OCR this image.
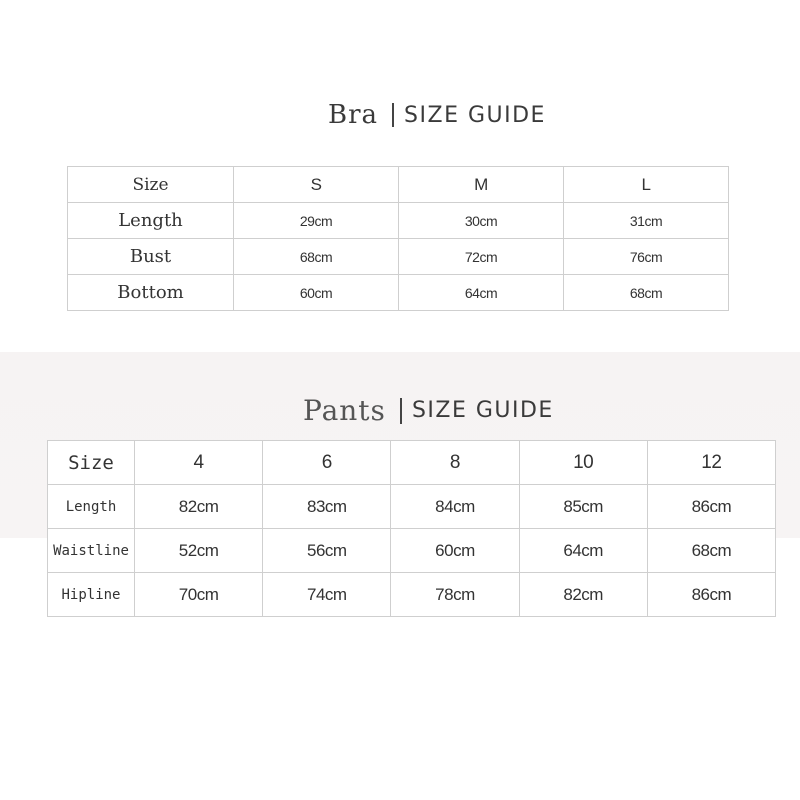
Bra SIZE GUIDE
Size	S	M	L
Length	29cm	30cm	31cm
Bust	68cm	72cm	76cm
Bottom	60cm	64cm	68cm
Pants SIZE GUIDE
Size	4	6	8	10	12
Length	82cm	83cm	84cm	85cm	86cm
Waistline	52cm	56cm	60cm	64cm	68cm
Hipline	70cm	74cm	78cm	82cm	86cm
